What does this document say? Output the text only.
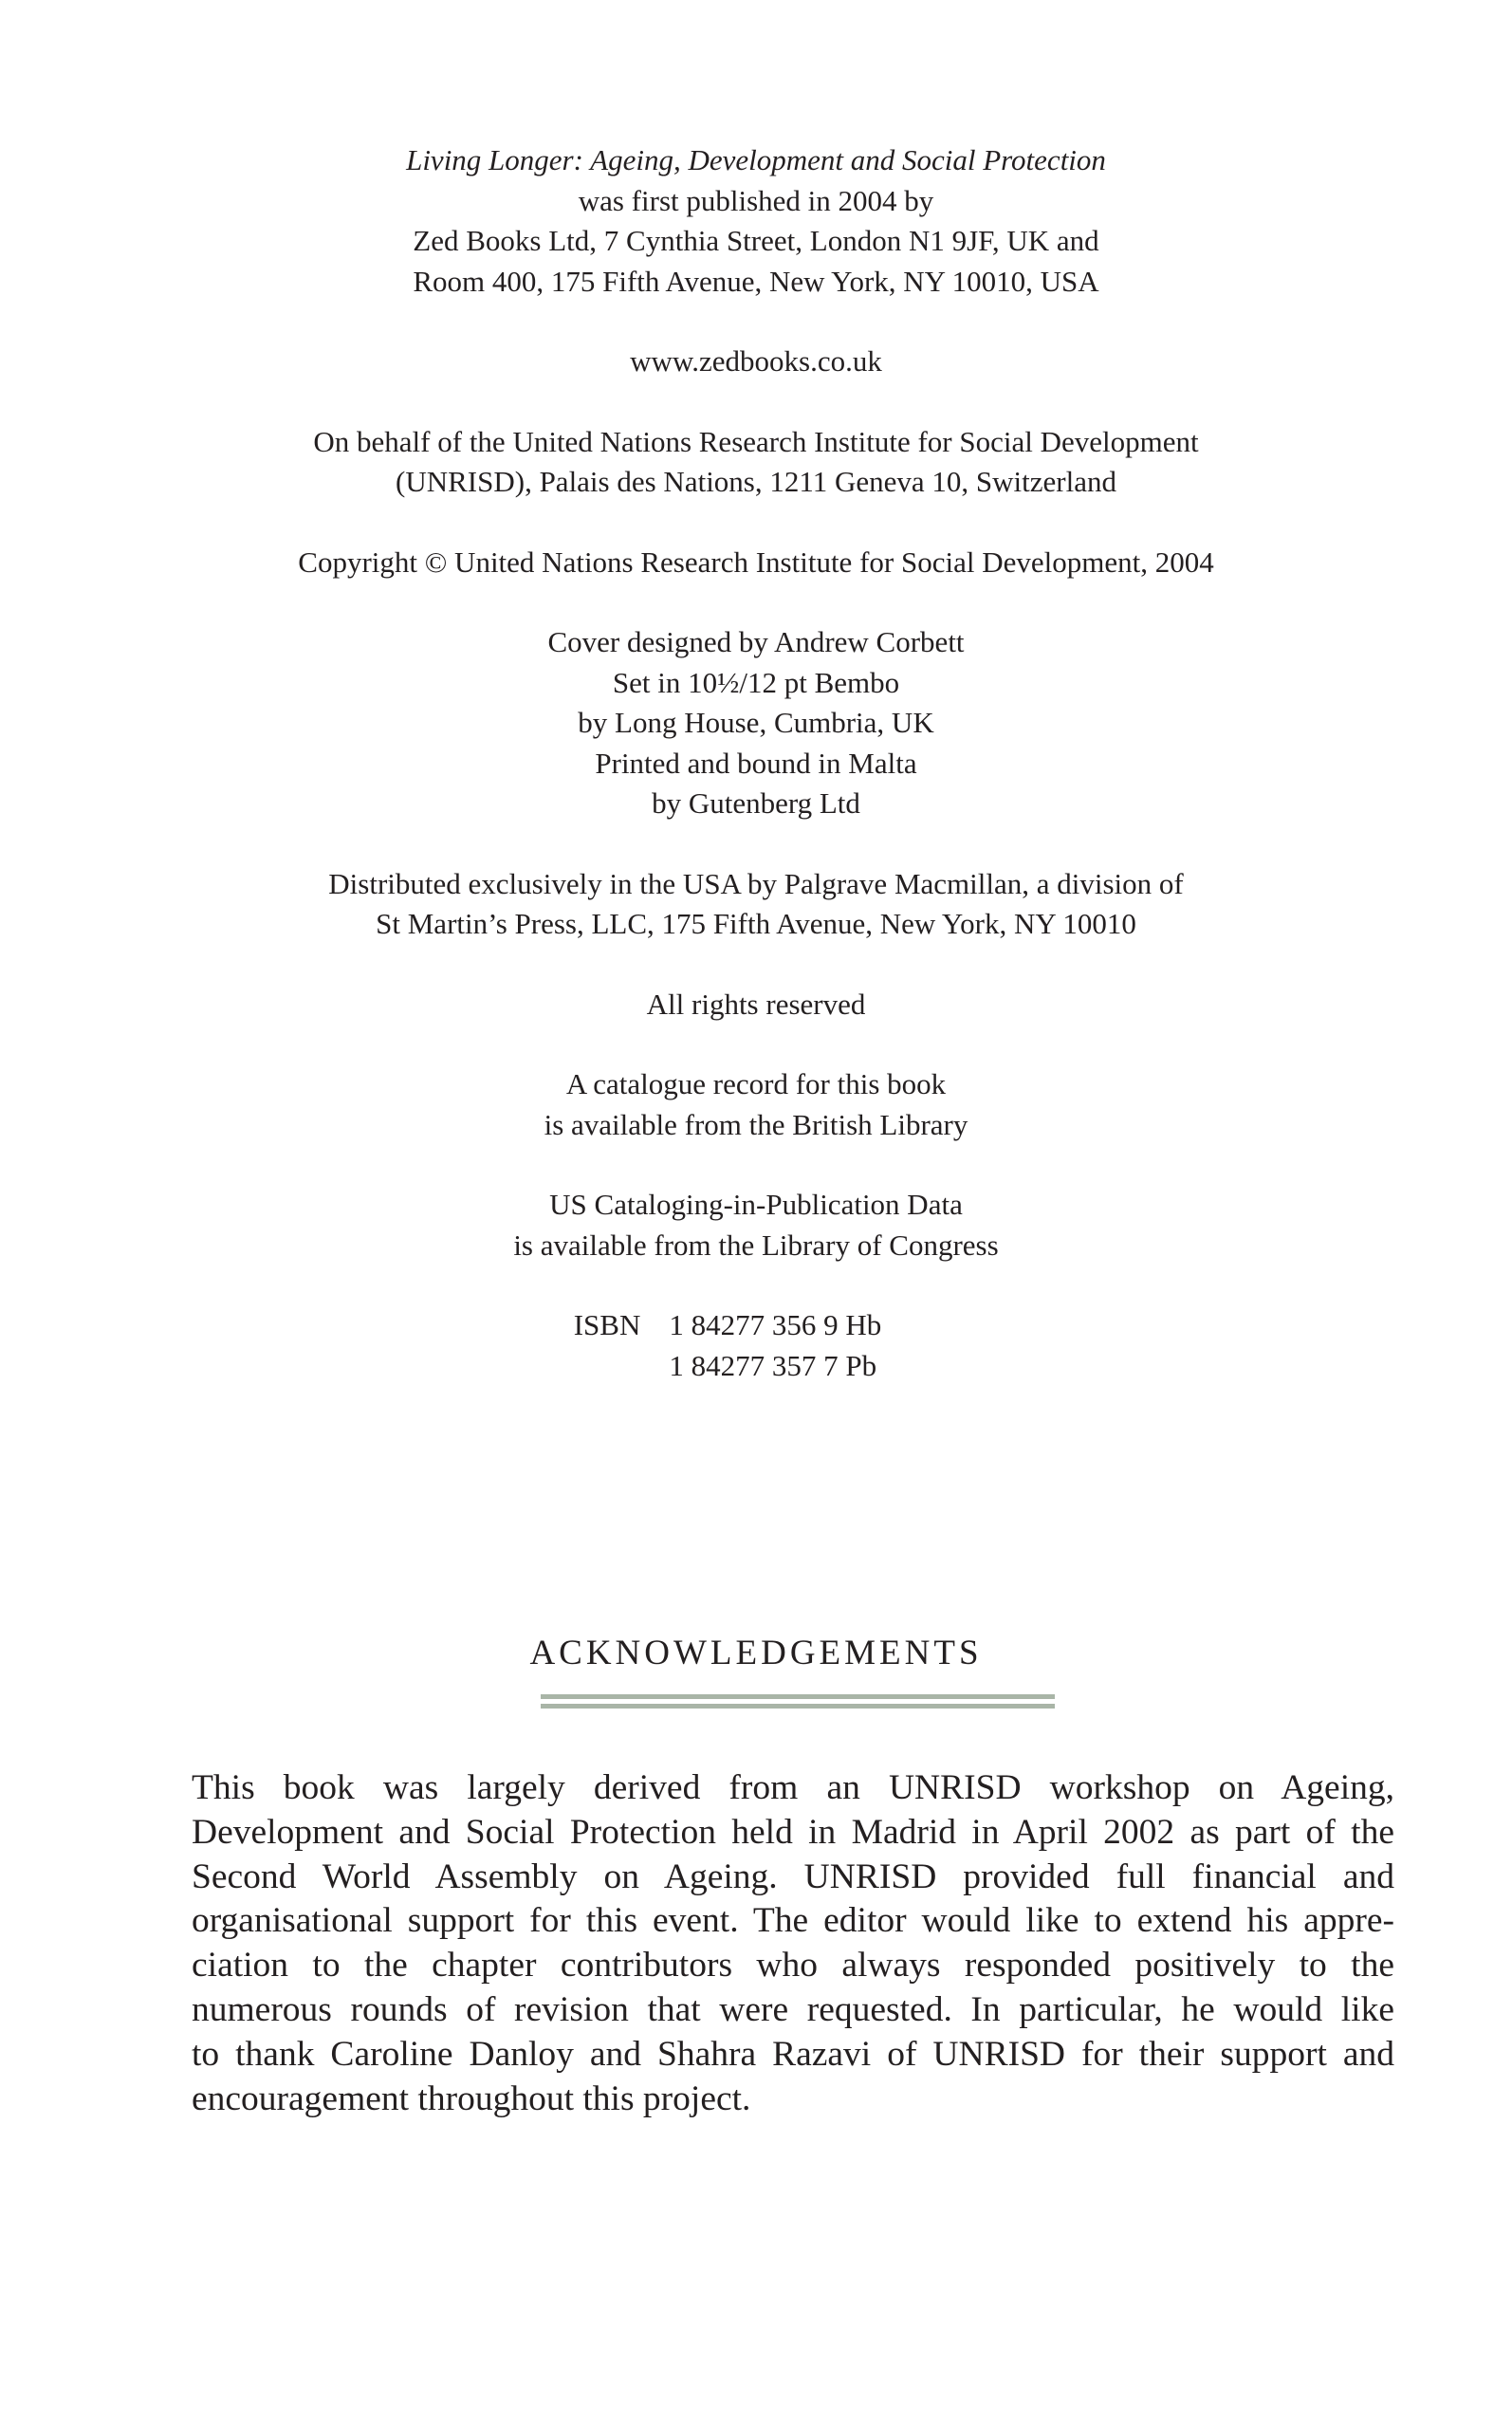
Living Longer: Ageing, Development and Social Protection
was first published in 2004 by
Zed Books Ltd, 7 Cynthia Street, London N1 9JF, UK and
Room 400, 175 Fifth Avenue, New York, NY 10010, USA
www.zedbooks.co.uk
On behalf of the United Nations Research Institute for Social Development
(UNRISD), Palais des Nations, 1211 Geneva 10, Switzerland
Copyright © United Nations Research Institute for Social Development, 2004
Cover designed by Andrew Corbett
Set in 10½/12 pt Bembo
by Long House, Cumbria, UK
Printed and bound in Malta
by Gutenberg Ltd
Distributed exclusively in the USA by Palgrave Macmillan, a division of
St Martin’s Press, LLC, 175 Fifth Avenue, New York, NY 10010
All rights reserved
A catalogue record for this book
is available from the British Library
US Cataloging-in-Publication Data
is available from the Library of Congress
ISBN 1 84277 356 9 Hb
1 84277 357 7 Pb
ACKNOWLEDGEMENTS
This book was largely derived from an UNRISD workshop on Ageing,
Development and Social Protection held in Madrid in April 2002 as part of the
Second World Assembly on Ageing. UNRISD provided full financial and
organisational support for this event. The editor would like to extend his appre-
ciation to the chapter contributors who always responded positively to the
numerous rounds of revision that were requested. In particular, he would like
to thank Caroline Danloy and Shahra Razavi of UNRISD for their support and
encouragement throughout this project.
